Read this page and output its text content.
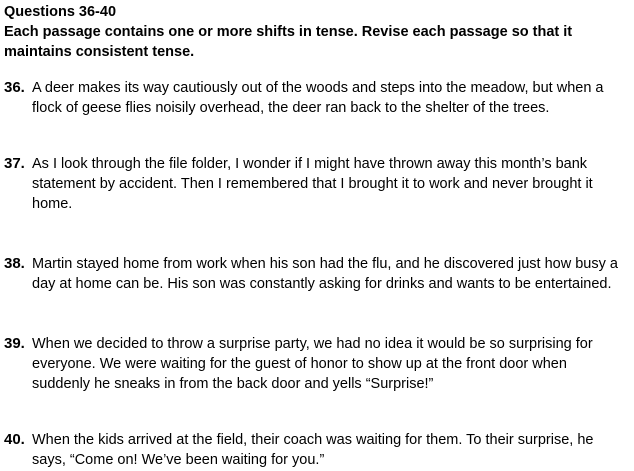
Questions 36-40
Each passage contains one or more shifts in tense. Revise each passage so that it maintains consistent tense.
36. A deer makes its way cautiously out of the woods and steps into the meadow, but when a flock of geese flies noisily overhead, the deer ran back to the shelter of the trees.
37. As I look through the file folder, I wonder if I might have thrown away this month’s bank statement by accident. Then I remembered that I brought it to work and never brought it home.
38. Martin stayed home from work when his son had the flu, and he discovered just how busy a day at home can be. His son was constantly asking for drinks and wants to be entertained.
39. When we decided to throw a surprise party, we had no idea it would be so surprising for everyone. We were waiting for the guest of honor to show up at the front door when suddenly he sneaks in from the back door and yells “Surprise!”
40. When the kids arrived at the field, their coach was waiting for them. To their surprise, he says, “Come on! We’ve been waiting for you.”
